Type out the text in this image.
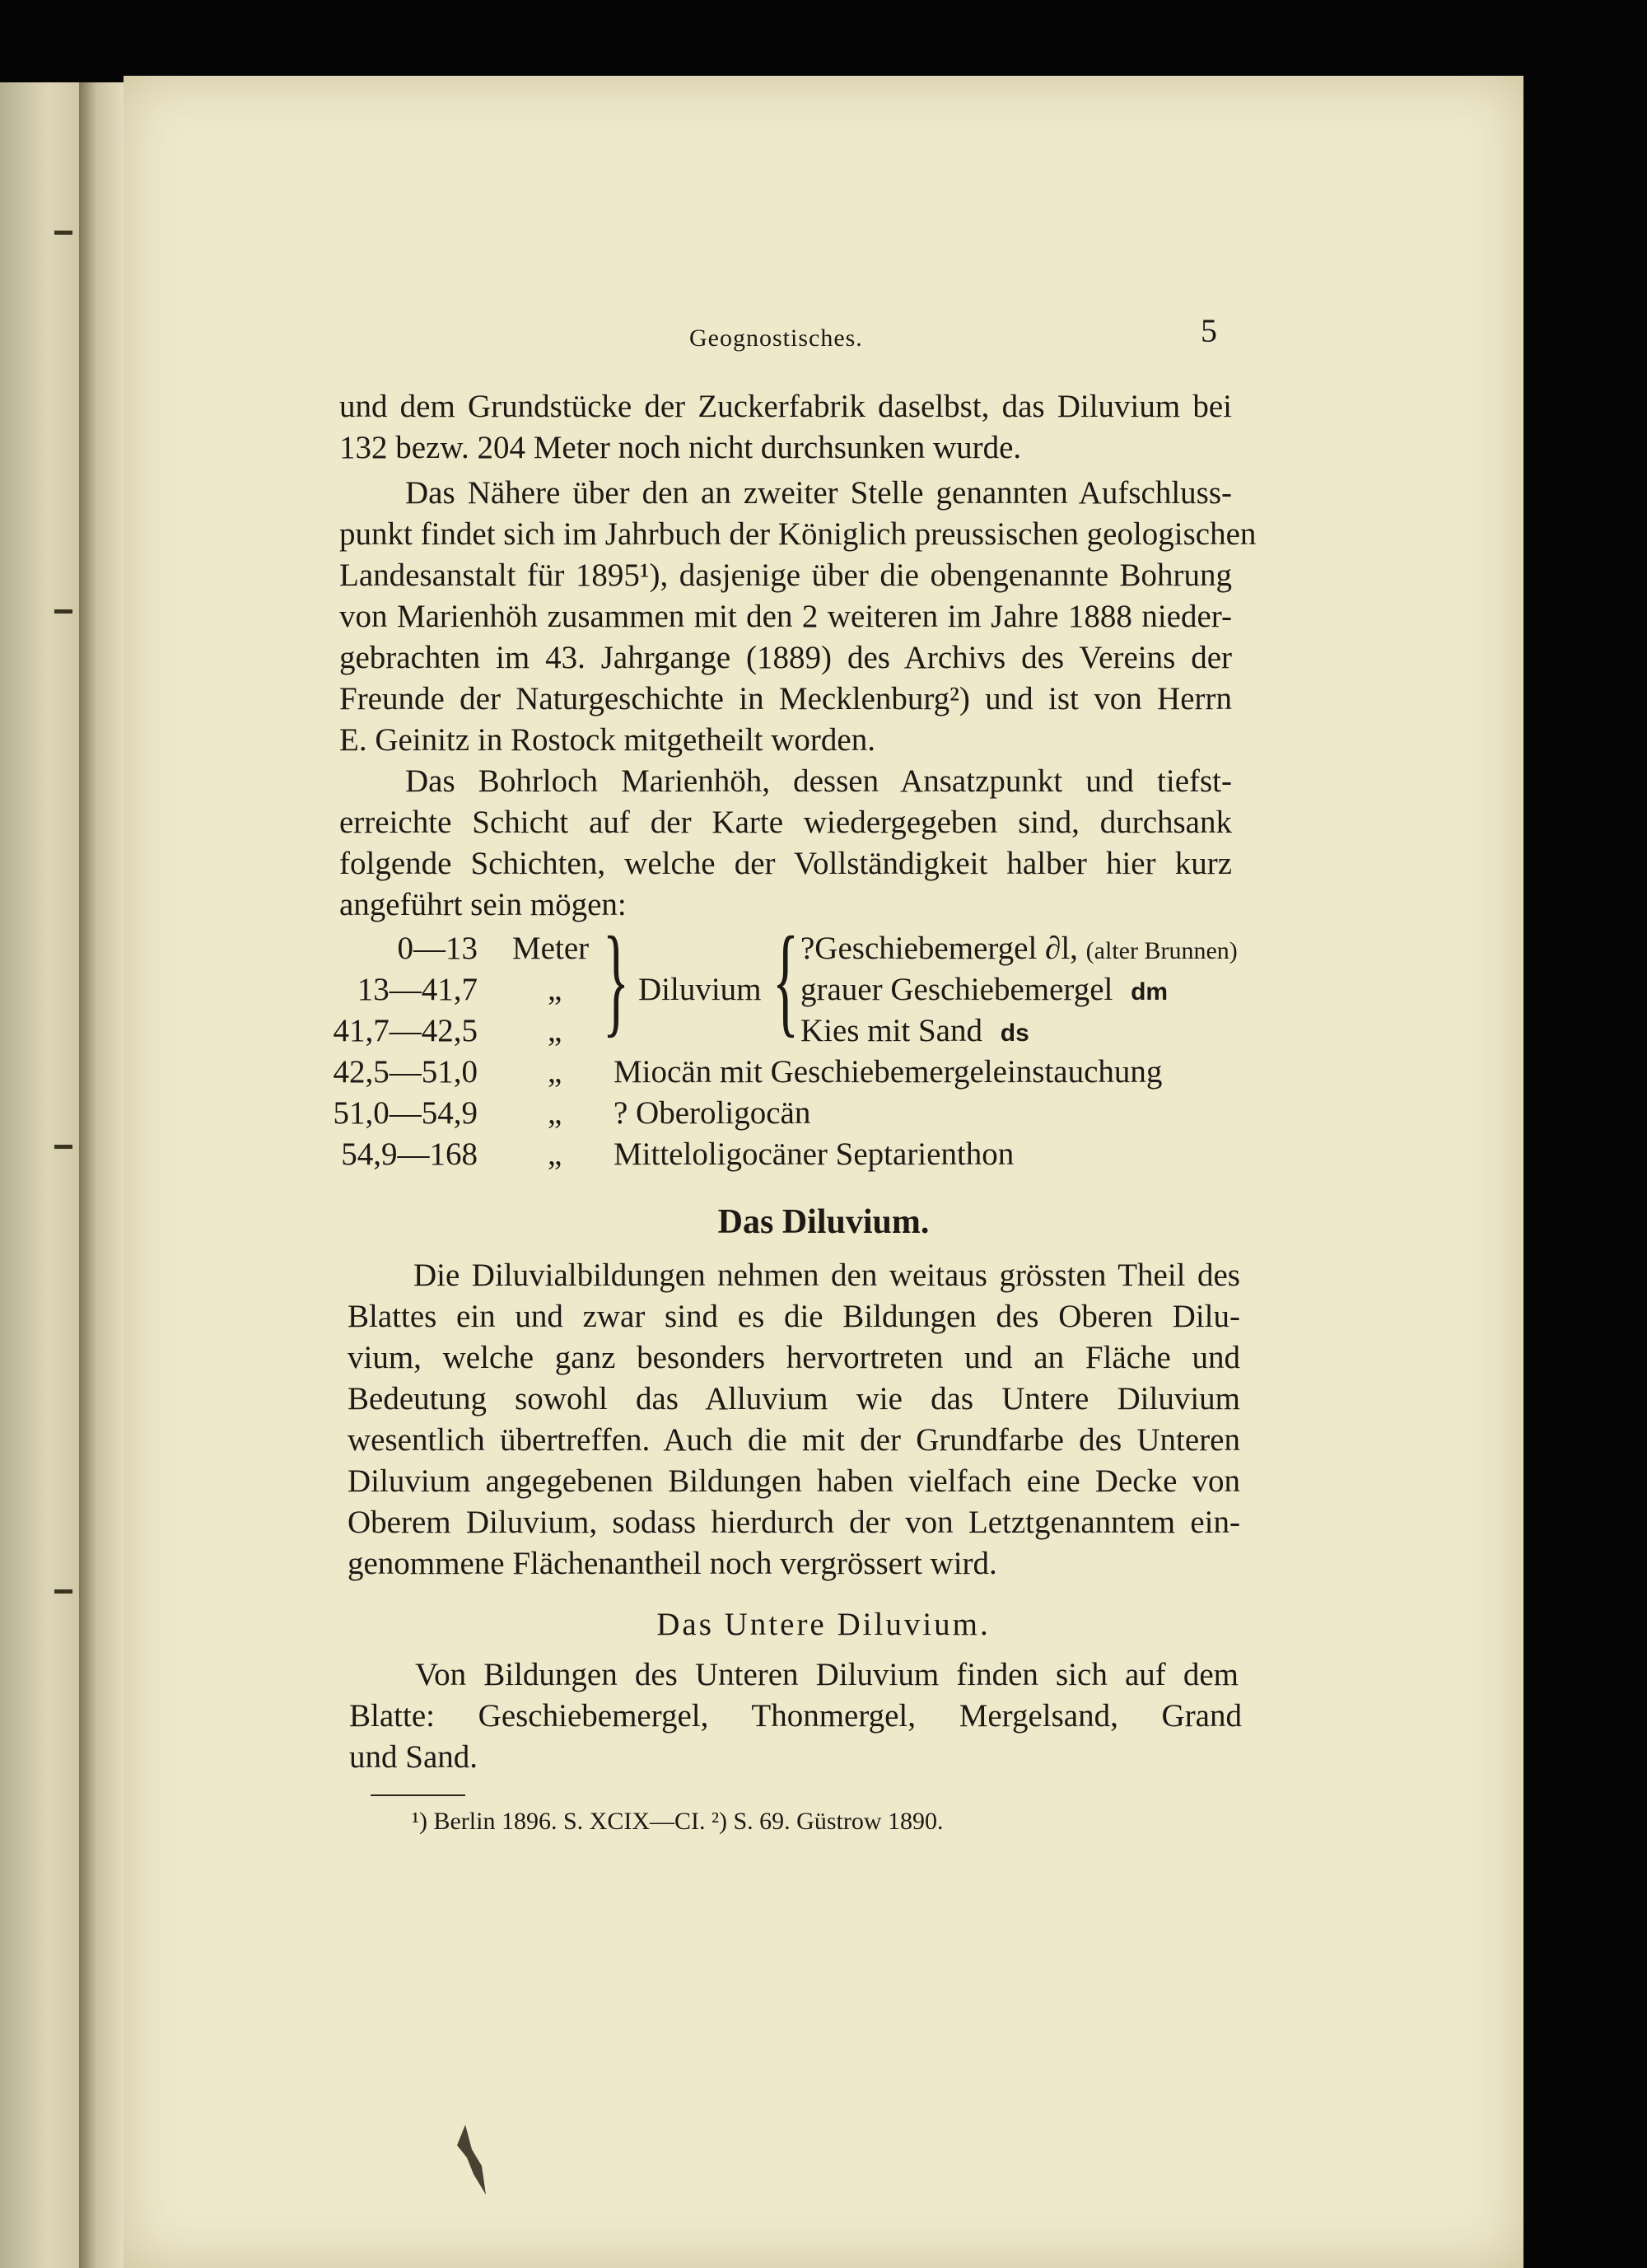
Geognostisches.	5
und dem Grundstücke der Zuckerfabrik daselbst, das Diluvium bei
132 bezw. 204 Meter noch nicht durchsunken wurde.
Das Nähere über den an zweiter Stelle genannten Aufschluss-
punkt findet sich im Jahrbuch der Königlich preussischen geologischen
Landesanstalt für 1895¹), dasjenige über die obengenannte Bohrung
von Marienhöh zusammen mit den 2 weiteren im Jahre 1888 nieder-
gebrachten im 43. Jahrgange (1889) des Archivs des Vereins der
Freunde der Naturgeschichte in Mecklenburg²) und ist von Herrn
E. Geinitz in Rostock mitgetheilt worden.
Das Bohrloch Marienhöh, dessen Ansatzpunkt und tiefst-
erreichte Schicht auf der Karte wiedergegeben sind, durchsank
folgende Schichten, welche der Vollständigkeit halber hier kurz
angeführt sein mögen:
0—13
13—41,7
41,7—42,5
42,5—51,0
51,0—54,9
54,9—168
Meter
„
„
„
„
„
} Diluvium { ?Geschiebemergel ∂l, (alter Brunnen)
grauer Geschiebemergel dm
Kies mit Sand ds
Miocän mit Geschiebemergeleinstauchung
? Oberoligocän
Mitteloligocäner Septarienthon
Das Diluvium.
Die Diluvialbildungen nehmen den weitaus grössten Theil des
Blattes ein und zwar sind es die Bildungen des Oberen Dilu-
vium, welche ganz besonders hervortreten und an Fläche und
Bedeutung sowohl das Alluvium wie das Untere Diluvium
wesentlich übertreffen. Auch die mit der Grundfarbe des Unteren
Diluvium angegebenen Bildungen haben vielfach eine Decke von
Oberem Diluvium, sodass hierdurch der von Letztgenanntem ein-
genommene Flächenantheil noch vergrössert wird.
Das Untere Diluvium.
Von Bildungen des Unteren Diluvium finden sich auf dem
Blatte: Geschiebemergel, Thonmergel, Mergelsand, Grand
und Sand.
¹) Berlin 1896. S. XCIX—CI. ²) S. 69. Güstrow 1890.
